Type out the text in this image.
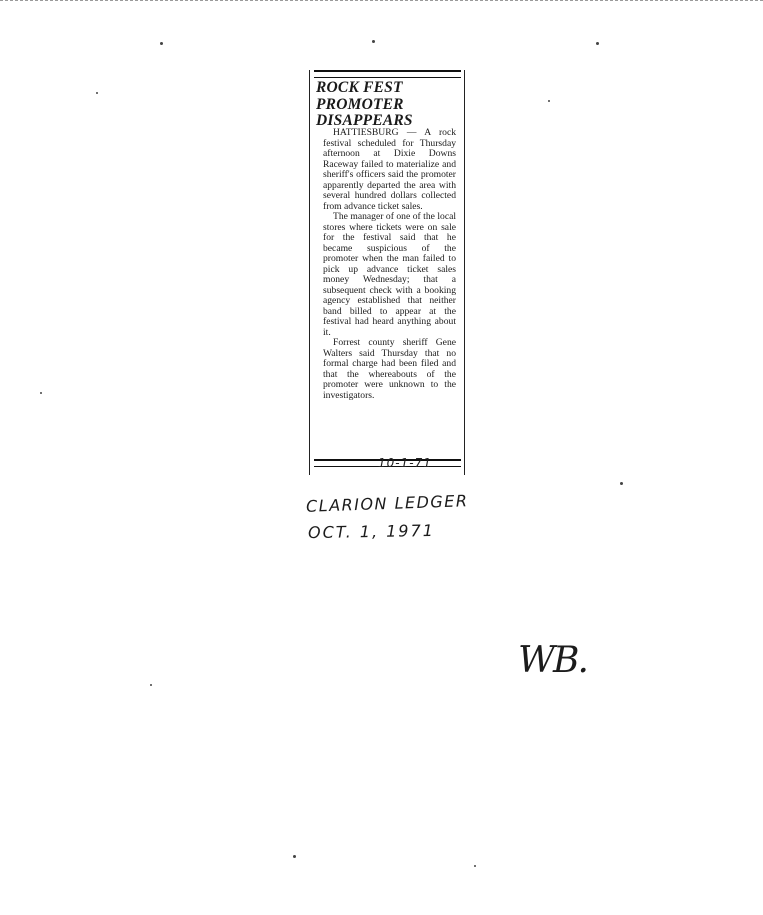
ROCK FEST
PROMOTER
DISAPPEARS

HATTIESBURG — A rock festival scheduled for Thursday afternoon at Dixie Downs Raceway failed to materialize and sheriff's officers said the promoter apparently departed the area with several hundred dollars collected from advance ticket sales.

The manager of one of the local stores where tickets were on sale for the festival said that he became suspicious of the promoter when the man failed to pick up advance ticket sales money Wednesday; that a subsequent check with a booking agency established that neither band billed to appear at the festival had heard anything about it.

Forrest county sheriff Gene Walters said Thursday that no formal charge had been filed and that the whereabouts of the promoter were unknown to the investigators.

10-1-71
CLARION LEDGER
OCT. 1, 1971
WB.
